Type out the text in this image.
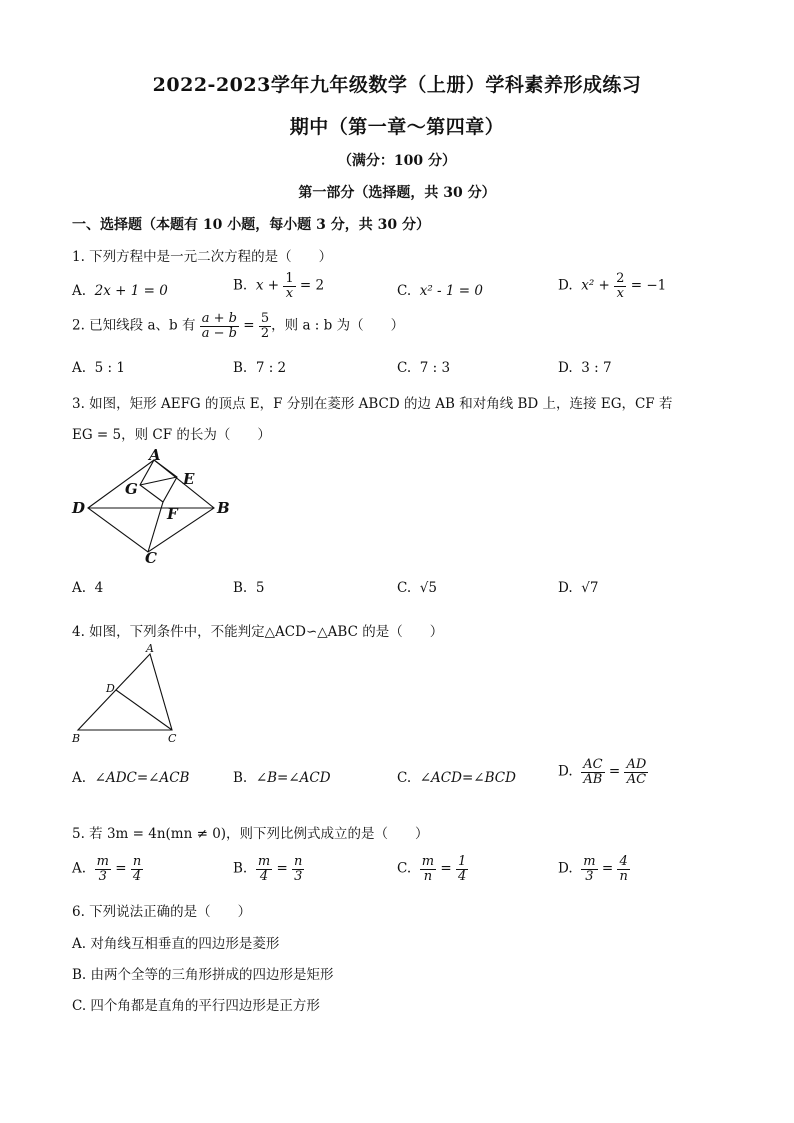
2022-2023学年九年级数学（上册）学科素养形成练习
期中（第一章～第四章）
（满分：100 分）
第一部分（选择题，共 30 分）
一、选择题（本题有 10 小题，每小题 3 分，共 30 分）
1. 下列方程中是一元二次方程的是（　　）
A. 2x + 1 = 0	B. $x + \frac{1}{x} = 2$	C. x² - 1 = 0	D. $x^2 + \frac{2}{x} = -1$
2. 已知线段 a、b 有 $\frac{a + b}{a - b} = \frac{5}{2}$ ，则 a : b 为（　　）
A. 5 : 1	B. 7 : 2	C. 7 : 3	D. 3 : 7
3. 如图，矩形 AEFG 的顶点 E，F 分别在菱形 ABCD 的边 AB 和对角线 BD 上，连接 EG，CF 若
EG = 5，则 CF 的长为（　　）
A
B
C
D
E
F
G
A. 4	B. 5	C. √5	D. √7
4. 如图，下列条件中，不能判定△ACD∽△ABC 的是（　　）
A
B	C
D
A. ∠ADC=∠ACB	B. ∠B=∠ACD	C. ∠ACD=∠BCD	D. $\frac{AC}{AB} = \frac{AD}{AC}$
5. 若 3m = 4n(mn ≠ 0)，则下列比例式成立的是（　　）
A. $\frac{m}{3} = \frac{n}{4}$	B. $\frac{m}{4} = \frac{n}{3}$	C. $\frac{m}{n} = \frac{1}{4}$	D. $\frac{m}{3} = \frac{4}{n}$
6. 下列说法正确的是（　　）
A. 对角线互相垂直的四边形是菱形
B. 由两个全等的三角形拼成的四边形是矩形
C. 四个角都是直角的平行四边形是正方形
